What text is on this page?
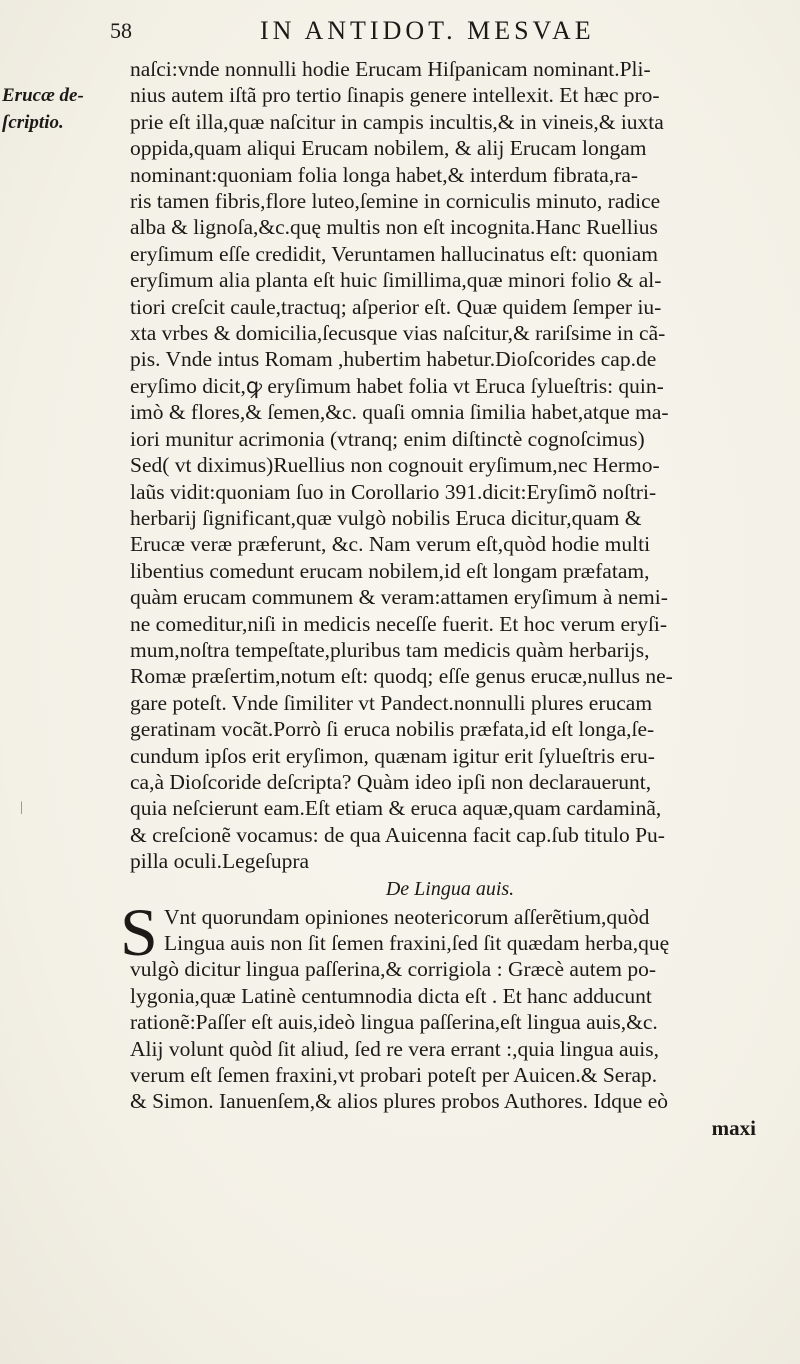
58	IN ANTIDOT. MESVAE
Erucæ de-
ſcriptio.
|
naſci:vnde nonnulli hodie Erucam Hiſpanicam nominant.Pli-
nius autem iſtã pro tertio ſinapis genere intellexit. Et hæc pro-
prie eſt illa,quæ naſcitur in campis incultis,& in vineis,& iuxta
oppida,quam aliqui Erucam nobilem, & alij Erucam longam
nominant:quoniam folia longa habet,& interdum fibrata,ra-
ris tamen fibris,flore luteo,ſemine in corniculis minuto, radice
alba & lignoſa,&c.quę multis non eſt incognita.Hanc Ruellius
eryſimum eſſe credidit, Veruntamen hallucinatus eſt: quoniam
eryſimum alia planta eſt huic ſimillima,quæ minori folio & al-
tiori creſcit caule,tractuq; aſperior eſt. Quæ quidem ſemper iu-
xta vrbes & domicilia,ſecusque vias naſcitur,& rariſsime in cã-
pis. Vnde intus Romam ,hubertim habetur.Dioſcorides cap.de
eryſimo dicit,ꝙ eryſimum habet folia vt Eruca ſylueſtris: quin-
imò & flores,& ſemen,&c. quaſi omnia ſimilia habet,atque ma-
iori munitur acrimonia (vtranq; enim diſtinctè cognoſcimus)
Sed( vt diximus)Ruellius non cognouit eryſimum,nec Hermo-
laũs vidit:quoniam ſuo in Corollario 391.dicit:Eryſimõ noſtri-
herbarij ſignificant,quæ vulgò nobilis Eruca dicitur,quam &
Erucæ veræ præferunt, &c. Nam verum eſt,quòd hodie multi
libentius comedunt erucam nobilem,id eſt longam præfatam,
quàm erucam communem & veram:attamen eryſimum à nemi-
ne comeditur,niſi in medicis neceſſe fuerit. Et hoc verum eryſi-
mum,noſtra tempeſtate,pluribus tam medicis quàm herbarijs,
Romæ præſertim,notum eſt: quodq; eſſe genus erucæ,nullus ne-
gare poteſt. Vnde ſimiliter vt Pandect.nonnulli plures erucam
geratinam vocãt.Porrò ſi eruca nobilis præfata,id eſt longa,ſe-
cundum ipſos erit eryſimon, quænam igitur erit ſylueſtris eru-
ca,à Dioſcoride deſcripta? Quàm ideo ipſi non declarauerunt,
quia neſcierunt eam.Eſt etiam & eruca aquæ,quam cardaminã,
& creſcionẽ vocamus: de qua Auicenna facit cap.ſub titulo Pu-
pilla oculi.Legeſupra
De Lingua auis.
S Vnt quorundam opiniones neotericorum aſſerẽtium,quòd
Lingua auis non ſit ſemen fraxini,ſed ſit quædam herba,quę
vulgò dicitur lingua paſſerina,& corrigiola : Græcè autem po-
lygonia,quæ Latinè centumnodia dicta eſt . Et hanc adducunt
rationẽ:Paſſer eſt auis,ideò lingua paſſerina,eſt lingua auis,&c.
Alij volunt quòd ſit aliud, ſed re vera errant :,quia lingua auis,
verum eſt ſemen fraxini,vt probari poteſt per Auicen.& Serap.
& Simon. Ianuenſem,& alios plures probos Authores. Idque eò
maxi
